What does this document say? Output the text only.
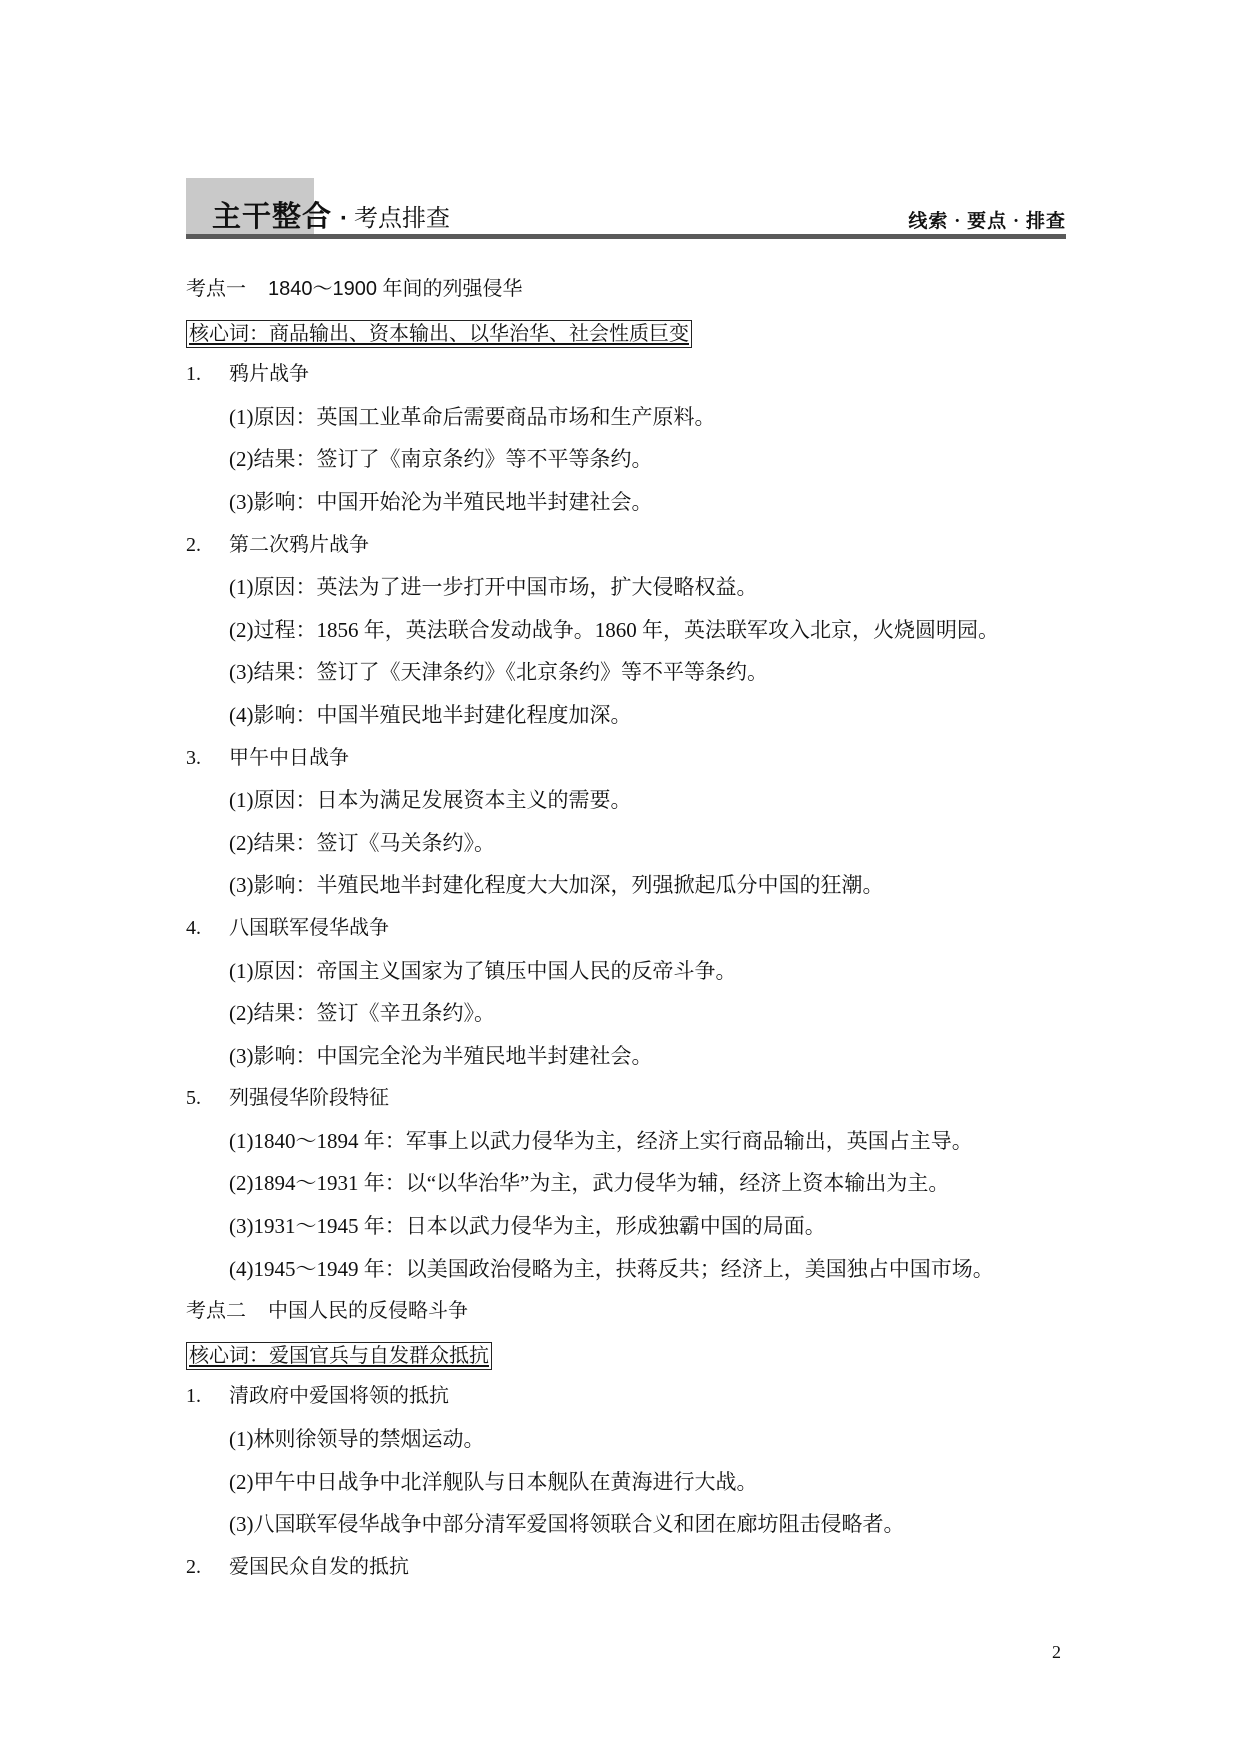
主干整合 · 考点排查	线索 · 要点 · 排查
考点一 1840～1900 年间的列强侵华
核心词：商品输出、资本输出、以华治华、社会性质巨变
1. 鸦片战争
(1)原因：英国工业革命后需要商品市场和生产原料。
(2)结果：签订了《南京条约》等不平等条约。
(3)影响：中国开始沦为半殖民地半封建社会。
2. 第二次鸦片战争
(1)原因：英法为了进一步打开中国市场，扩大侵略权益。
(2)过程：1856 年，英法联合发动战争。1860 年，英法联军攻入北京，火烧圆明园。
(3)结果：签订了《天津条约》《北京条约》等不平等条约。
(4)影响：中国半殖民地半封建化程度加深。
3. 甲午中日战争
(1)原因：日本为满足发展资本主义的需要。
(2)结果：签订《马关条约》。
(3)影响：半殖民地半封建化程度大大加深，列强掀起瓜分中国的狂潮。
4. 八国联军侵华战争
(1)原因：帝国主义国家为了镇压中国人民的反帝斗争。
(2)结果：签订《辛丑条约》。
(3)影响：中国完全沦为半殖民地半封建社会。
5. 列强侵华阶段特征
(1)1840～1894 年：军事上以武力侵华为主，经济上实行商品输出，英国占主导。
(2)1894～1931 年：以“以华治华”为主，武力侵华为辅，经济上资本输出为主。
(3)1931～1945 年：日本以武力侵华为主，形成独霸中国的局面。
(4)1945～1949 年：以美国政治侵略为主，扶蒋反共；经济上，美国独占中国市场。
考点二 中国人民的反侵略斗争
核心词：爱国官兵与自发群众抵抗
1. 清政府中爱国将领的抵抗
(1)林则徐领导的禁烟运动。
(2)甲午中日战争中北洋舰队与日本舰队在黄海进行大战。
(3)八国联军侵华战争中部分清军爱国将领联合义和团在廊坊阻击侵略者。
2. 爱国民众自发的抵抗
2
